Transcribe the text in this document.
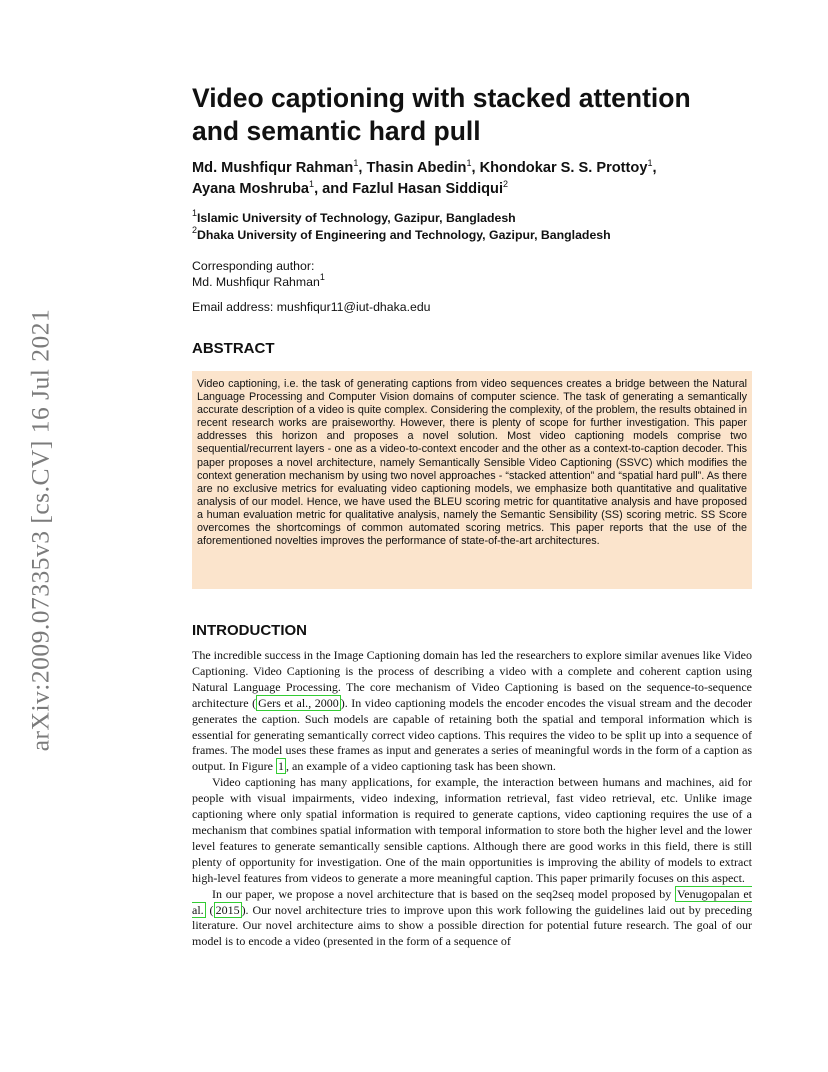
arXiv:2009.07335v3 [cs.CV] 16 Jul 2021
Video captioning with stacked attention
and semantic hard pull

Md. Mushfiqur Rahman$^1$, Thasin Abedin$^1$, Khondokar S. S. Prottoy$^1$,
Ayana Moshruba$^1$, and Fazlul Hasan Siddiqui$^2$

$^1$Islamic University of Technology, Gazipur, Bangladesh
$^2$Dhaka University of Engineering and Technology, Gazipur, Bangladesh
Corresponding author:
Md. Mushfiqur Rahman$^1$
Email address: mushfiqur11@iut-dhaka.edu
ABSTRACT
Video captioning, i.e. the task of generating captions from video sequences creates a bridge between the Natural Language Processing and Computer Vision domains of computer science. The task of generating a semantically accurate description of a video is quite complex. Considering the complexity, of the problem, the results obtained in recent research works are praiseworthy. However, there is plenty of scope for further investigation. This paper addresses this horizon and proposes a novel solution. Most video captioning models comprise two sequential/recurrent layers - one as a video-to-context encoder and the other as a context-to-caption decoder. This paper proposes a novel architecture, namely Semantically Sensible Video Captioning (SSVC) which modifies the context generation mechanism by using two novel approaches - “stacked attention” and “spatial hard pull”. As there are no exclusive metrics for evaluating video captioning models, we emphasize both quantitative and qualitative analysis of our model. Hence, we have used the BLEU scoring metric for quantitative analysis and have proposed a human evaluation metric for qualitative analysis, namely the Semantic Sensibility (SS) scoring metric. SS Score overcomes the shortcomings of common automated scoring metrics. This paper reports that the use of the aforementioned novelties improves the performance of state-of-the-art architectures.
INTRODUCTION

The incredible success in the Image Captioning domain has led the researchers to explore similar avenues like Video Captioning. Video Captioning is the process of describing a video with a complete and coherent caption using Natural Language Processing. The core mechanism of Video Captioning is based on the sequence-to-sequence architecture ( Gers et al., 2000 ). In video captioning models the encoder encodes the visual stream and the decoder generates the caption. Such models are capable of retaining both the spatial and temporal information which is essential for generating semantically correct video captions. This requires the video to be split up into a sequence of frames. The model uses these frames as input and generates a series of meaningful words in the form of a caption as output. In Figure 1 , an example of a video captioning task has been shown.

Video captioning has many applications, for example, the interaction between humans and machines, aid for people with visual impairments, video indexing, information retrieval, fast video retrieval, etc. Unlike image captioning where only spatial information is required to generate captions, video captioning requires the use of a mechanism that combines spatial information with temporal information to store both the higher level and the lower level features to generate semantically sensible captions. Although there are good works in this field, there is still plenty of opportunity for investigation. One of the main opportunities is improving the ability of models to extract high-level features from videos to generate a more meaningful caption. This paper primarily focuses on this aspect.

In our paper, we propose a novel architecture that is based on the seq2seq model proposed by Venugopalan et al. ( 2015 ). Our novel architecture tries to improve upon this work following the guidelines laid out by preceding literature. Our novel architecture aims to show a possible direction for potential future research. The goal of our model is to encode a video (presented in the form of a sequence of
